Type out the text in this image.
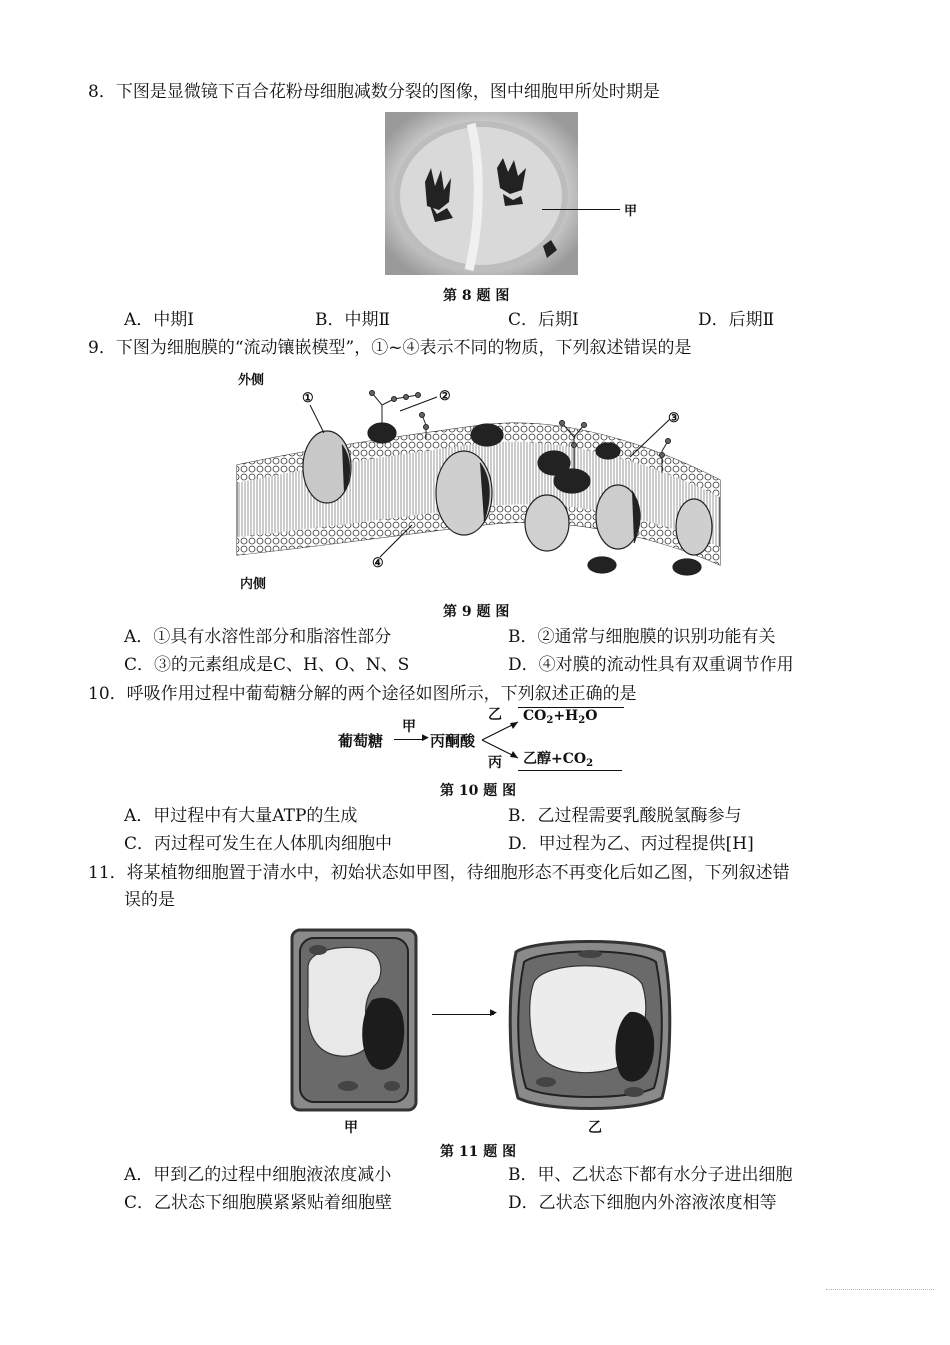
8．下图是显微镜下百合花粉母细胞减数分裂的图像，图中细胞甲所处时期是
甲
第 8 题 图
A．中期Ⅰ	B．中期Ⅱ	C．后期Ⅰ	D．后期Ⅱ
9．下图为细胞膜的“流动镶嵌模型”，①~④表示不同的物质，下列叙述错误的是
外侧
内侧
①	②
③
④
第 9 题 图
A．①具有水溶性部分和脂溶性部分	B．②通常与细胞膜的识别功能有关
C．③的元素组成是C、H、O、N、S	D．④对膜的流动性具有双重调节作用
10．呼吸作用过程中葡萄糖分解的两个途径如图所示，下列叙述正确的是
葡萄糖
甲
▶ 丙酮酸
乙 $CO_2+H_2O$
丙 乙醇$+CO_2$
第 10 题 图
A．甲过程中有大量ATP的生成	B．乙过程需要乳酸脱氢酶参与
C．丙过程可发生在人体肌肉细胞中	D．甲过程为乙、丙过程提供[H]
11．将某植物细胞置于清水中，初始状态如甲图，待细胞形态不再变化后如乙图，下列叙述错
误的是
▶
甲	乙
第 11 题 图
A．甲到乙的过程中细胞液浓度减小	B．甲、乙状态下都有水分子进出细胞
C．乙状态下细胞膜紧紧贴着细胞壁	D．乙状态下细胞内外溶液浓度相等
